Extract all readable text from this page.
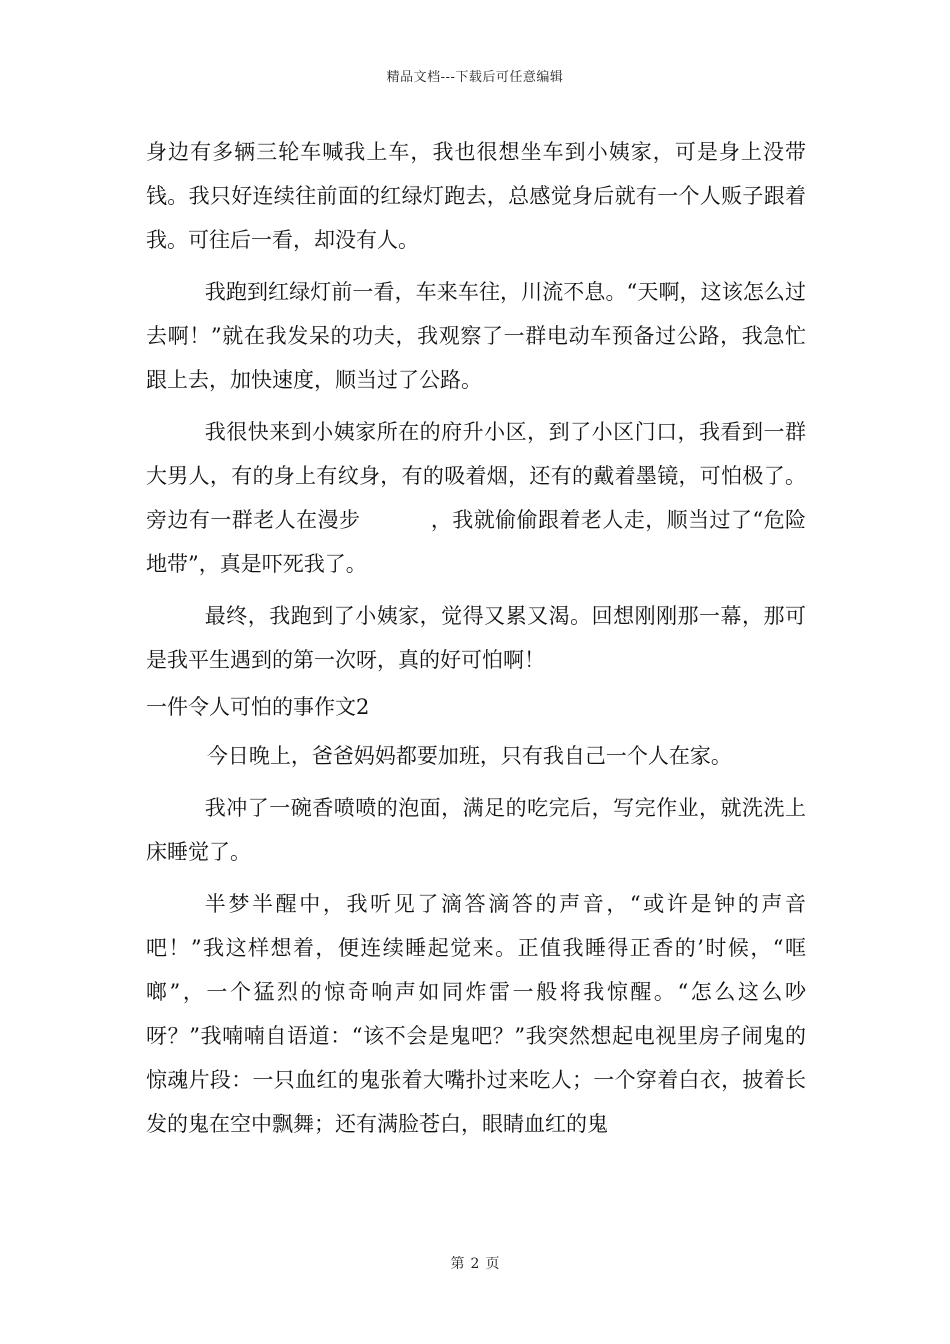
精品文档---下载后可任意编辑

身边有多辆三轮车喊我上车，我也很想坐车到小姨家，可是身上没带钱。我只好连续往前面的红绿灯跑去，总感觉身后就有一个人贩子跟着我。可往后一看，却没有人。

我跑到红绿灯前一看，车来车往，川流不息。“天啊，这该怎么过去啊！”就在我发呆的功夫，我观察了一群电动车预备过公路，我急忙跟上去，加快速度，顺当过了公路。

我很快来到小姨家所在的府升小区，到了小区门口，我看到一群大男人，有的身上有纹身，有的吸着烟，还有的戴着墨镜，可怕极了。旁边有一群老人在漫步	，我就偷偷跟着老人走，顺当过了“危险地带”，真是吓死我了。

最终，我跑到了小姨家，觉得又累又渴。回想刚刚那一幕，那可是我平生遇到的第一次呀，真的好可怕啊！

一件令人可怕的事作文2

今日晚上，爸爸妈妈都要加班，只有我自己一个人在家。

我冲了一碗香喷喷的泡面，满足的吃完后，写完作业，就洗洗上床睡觉了。

半梦半醒中，我听见了滴答滴答的声音，“或许是钟的声音吧！”我这样想着，便连续睡起觉来。正值我睡得正香的’时候，“哐啷”，一个猛烈的惊奇响声如同炸雷一般将我惊醒。“怎么这么吵呀？”我喃喃自语道：“该不会是鬼吧？”我突然想起电视里房子闹鬼的惊魂片段：一只血红的鬼张着大嘴扑过来吃人；一个穿着白衣，披着长发的鬼在空中飘舞；还有满脸苍白，眼睛血红的鬼

第 2 页
